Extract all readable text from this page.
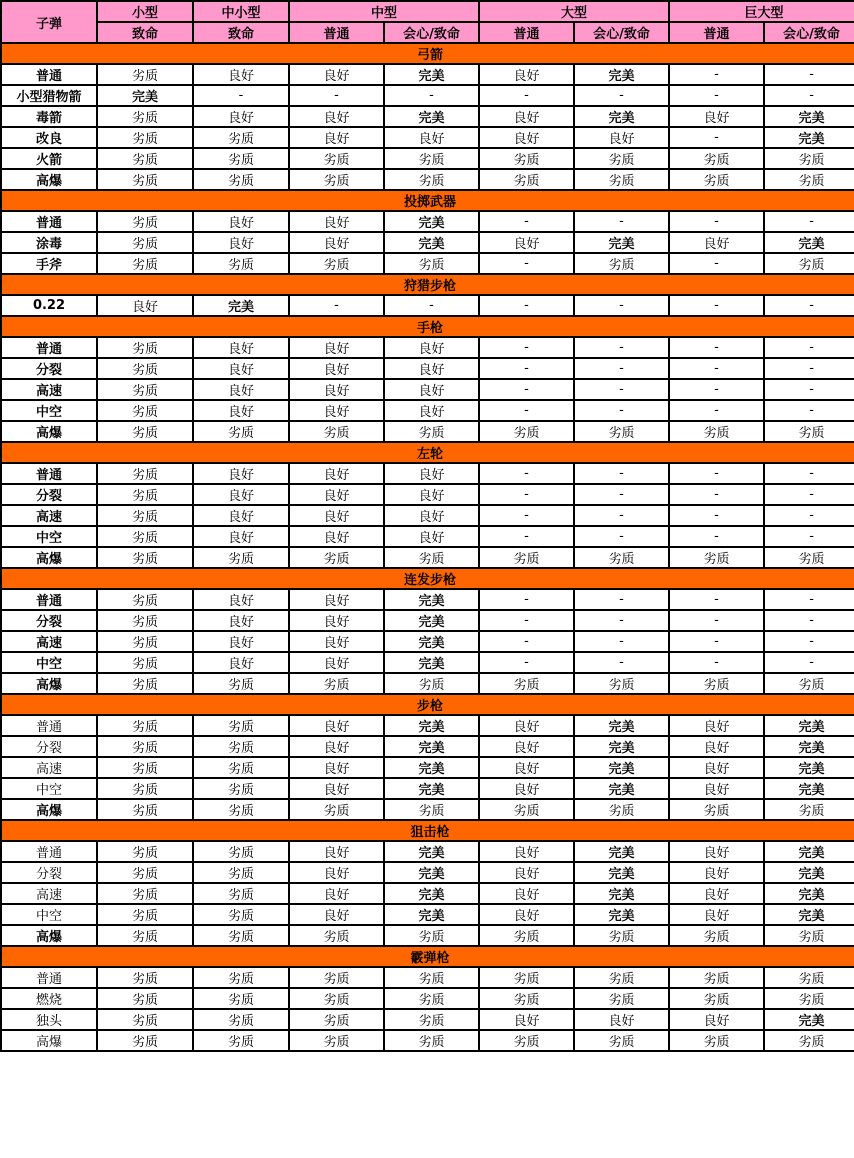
子弹	小型	中小型	中型		大型		巨大型	
	致命	致命	普通	会心/致命	普通	会心/致命	普通	会心/致命
弓箭								
普通	劣质	良好	良好	完美	良好	完美	-	-
小型猎物箭	完美	-	-	-	-	-	-	-
毒箭	劣质	良好	良好	完美	良好	完美	良好	完美
改良	劣质	劣质	良好	良好	良好	良好	-	完美
火箭	劣质	劣质	劣质	劣质	劣质	劣质	劣质	劣质
高爆	劣质	劣质	劣质	劣质	劣质	劣质	劣质	劣质
投掷武器								
普通	劣质	良好	良好	完美	-	-	-	-
涂毒	劣质	良好	良好	完美	良好	完美	良好	完美
手斧	劣质	劣质	劣质	劣质	-	劣质	-	劣质
狩猎步枪								
0.22	良好	完美	-	-	-	-	-	-
手枪								
普通	劣质	良好	良好	良好	-	-	-	-
分裂	劣质	良好	良好	良好	-	-	-	-
高速	劣质	良好	良好	良好	-	-	-	-
中空	劣质	良好	良好	良好	-	-	-	-
高爆	劣质	劣质	劣质	劣质	劣质	劣质	劣质	劣质
左轮								
普通	劣质	良好	良好	良好	-	-	-	-
分裂	劣质	良好	良好	良好	-	-	-	-
高速	劣质	良好	良好	良好	-	-	-	-
中空	劣质	良好	良好	良好	-	-	-	-
高爆	劣质	劣质	劣质	劣质	劣质	劣质	劣质	劣质
连发步枪								
普通	劣质	良好	良好	完美	-	-	-	-
分裂	劣质	良好	良好	完美	-	-	-	-
高速	劣质	良好	良好	完美	-	-	-	-
中空	劣质	良好	良好	完美	-	-	-	-
高爆	劣质	劣质	劣质	劣质	劣质	劣质	劣质	劣质
步枪								
普通	劣质	劣质	良好	完美	良好	完美	良好	完美
分裂	劣质	劣质	良好	完美	良好	完美	良好	完美
高速	劣质	劣质	良好	完美	良好	完美	良好	完美
中空	劣质	劣质	良好	完美	良好	完美	良好	完美
高爆	劣质	劣质	劣质	劣质	劣质	劣质	劣质	劣质
狙击枪								
普通	劣质	劣质	良好	完美	良好	完美	良好	完美
分裂	劣质	劣质	良好	完美	良好	完美	良好	完美
高速	劣质	劣质	良好	完美	良好	完美	良好	完美
中空	劣质	劣质	良好	完美	良好	完美	良好	完美
高爆	劣质	劣质	劣质	劣质	劣质	劣质	劣质	劣质
霰弹枪								
普通	劣质	劣质	劣质	劣质	劣质	劣质	劣质	劣质
燃烧	劣质	劣质	劣质	劣质	劣质	劣质	劣质	劣质
独头	劣质	劣质	劣质	劣质	良好	良好	良好	完美
高爆	劣质	劣质	劣质	劣质	劣质	劣质	劣质	劣质
